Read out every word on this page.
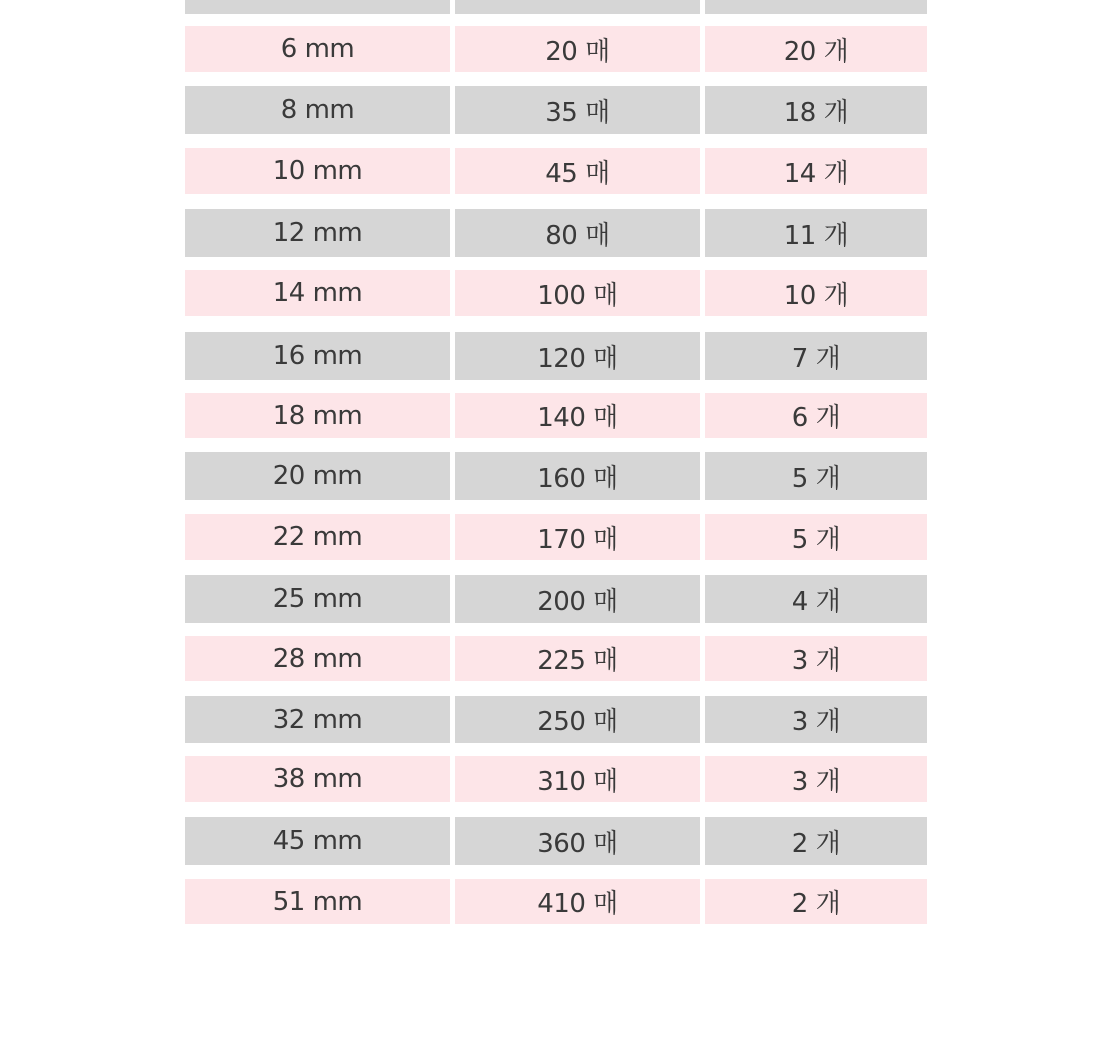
6 mm	20 매	20 개
8 mm	35 매	18 개
10 mm	45 매	14 개
12 mm	80 매	11 개
14 mm	100 매	10 개
16 mm	120 매	7 개
18 mm	140 매	6 개
20 mm	160 매	5 개
22 mm	170 매	5 개
25 mm	200 매	4 개
28 mm	225 매	3 개
32 mm	250 매	3 개
38 mm	310 매	3 개
45 mm	360 매	2 개
51 mm	410 매	2 개
